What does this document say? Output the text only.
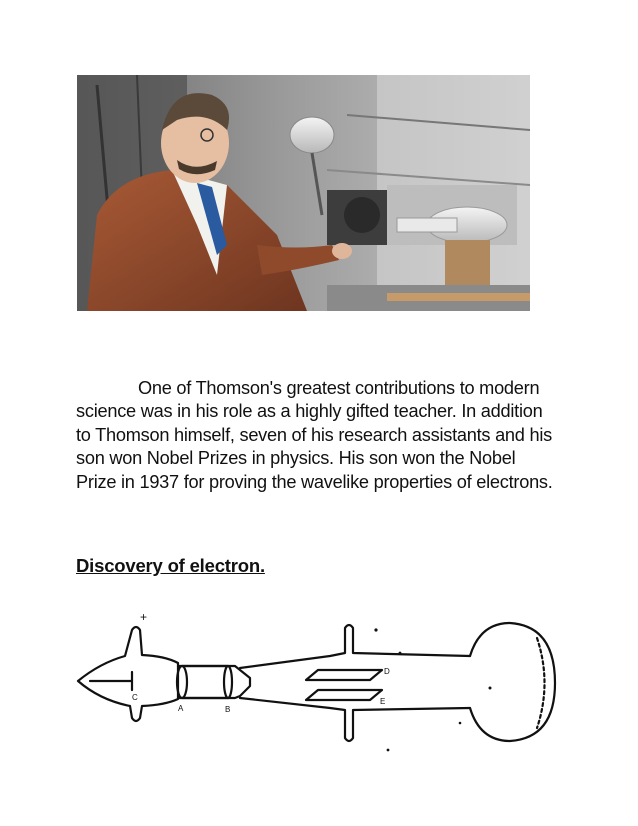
One of Thomson's greatest contributions to modern science was in his role as a highly gifted teacher. In addition to Thomson himself, seven of his research assistants and his son won Nobel Prizes in physics. His son won the Nobel Prize in 1937 for proving the wavelike properties of electrons.

Discovery of electron.
+
C
A	B
D
E
